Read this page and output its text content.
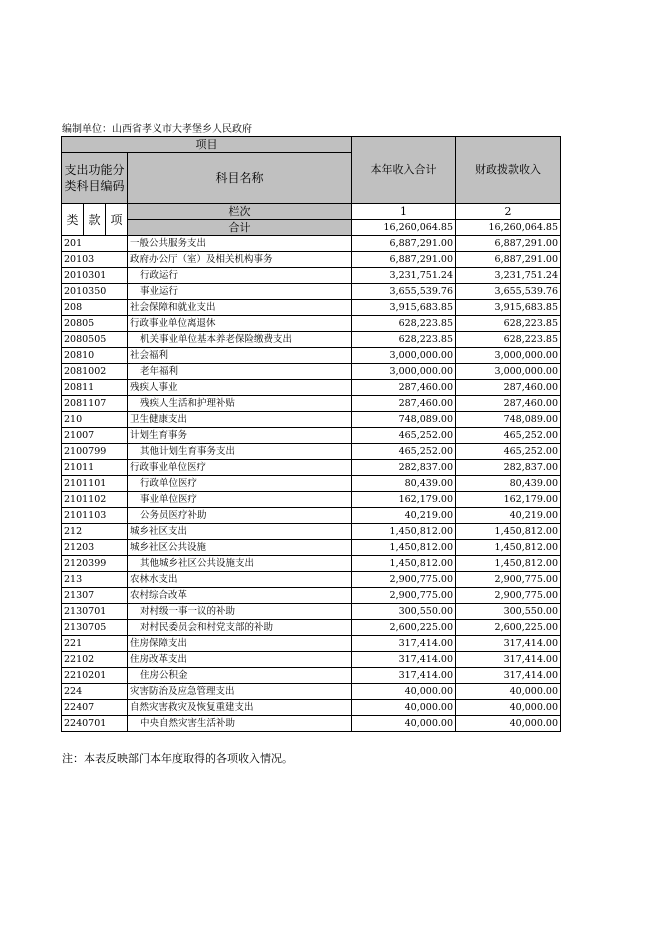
编制单位：山西省孝义市大孝堡乡人民政府
项目				本年收入合计	财政拨款收入
支出功能分类科目编码			科目名称		

类	款	项	栏次	1	2
			合计	16,260,064.85	16,260,064.85
201			一般公共服务支出	6,887,291.00	6,887,291.00
20103			政府办公厅（室）及相关机构事务	6,887,291.00	6,887,291.00
2010301			行政运行	3,231,751.24	3,231,751.24
2010350			事业运行	3,655,539.76	3,655,539.76
208			社会保障和就业支出	3,915,683.85	3,915,683.85
20805			行政事业单位离退休	628,223.85	628,223.85
2080505			机关事业单位基本养老保险缴费支出	628,223.85	628,223.85
20810			社会福利	3,000,000.00	3,000,000.00
2081002			老年福利	3,000,000.00	3,000,000.00
20811			残疾人事业	287,460.00	287,460.00
2081107			残疾人生活和护理补贴	287,460.00	287,460.00
210			卫生健康支出	748,089.00	748,089.00
21007			计划生育事务	465,252.00	465,252.00
2100799			其他计划生育事务支出	465,252.00	465,252.00
21011			行政事业单位医疗	282,837.00	282,837.00
2101101			行政单位医疗	80,439.00	80,439.00
2101102			事业单位医疗	162,179.00	162,179.00
2101103			公务员医疗补助	40,219.00	40,219.00
212			城乡社区支出	1,450,812.00	1,450,812.00
21203			城乡社区公共设施	1,450,812.00	1,450,812.00
2120399			其他城乡社区公共设施支出	1,450,812.00	1,450,812.00
213			农林水支出	2,900,775.00	2,900,775.00
21307			农村综合改革	2,900,775.00	2,900,775.00
2130701			对村级一事一议的补助	300,550.00	300,550.00
2130705			对村民委员会和村党支部的补助	2,600,225.00	2,600,225.00
221			住房保障支出	317,414.00	317,414.00
22102			住房改革支出	317,414.00	317,414.00
2210201			住房公积金	317,414.00	317,414.00
224			灾害防治及应急管理支出	40,000.00	40,000.00
22407			自然灾害救灾及恢复重建支出	40,000.00	40,000.00
2240701			中央自然灾害生活补助	40,000.00	40,000.00
注：本表反映部门本年度取得的各项收入情况。
